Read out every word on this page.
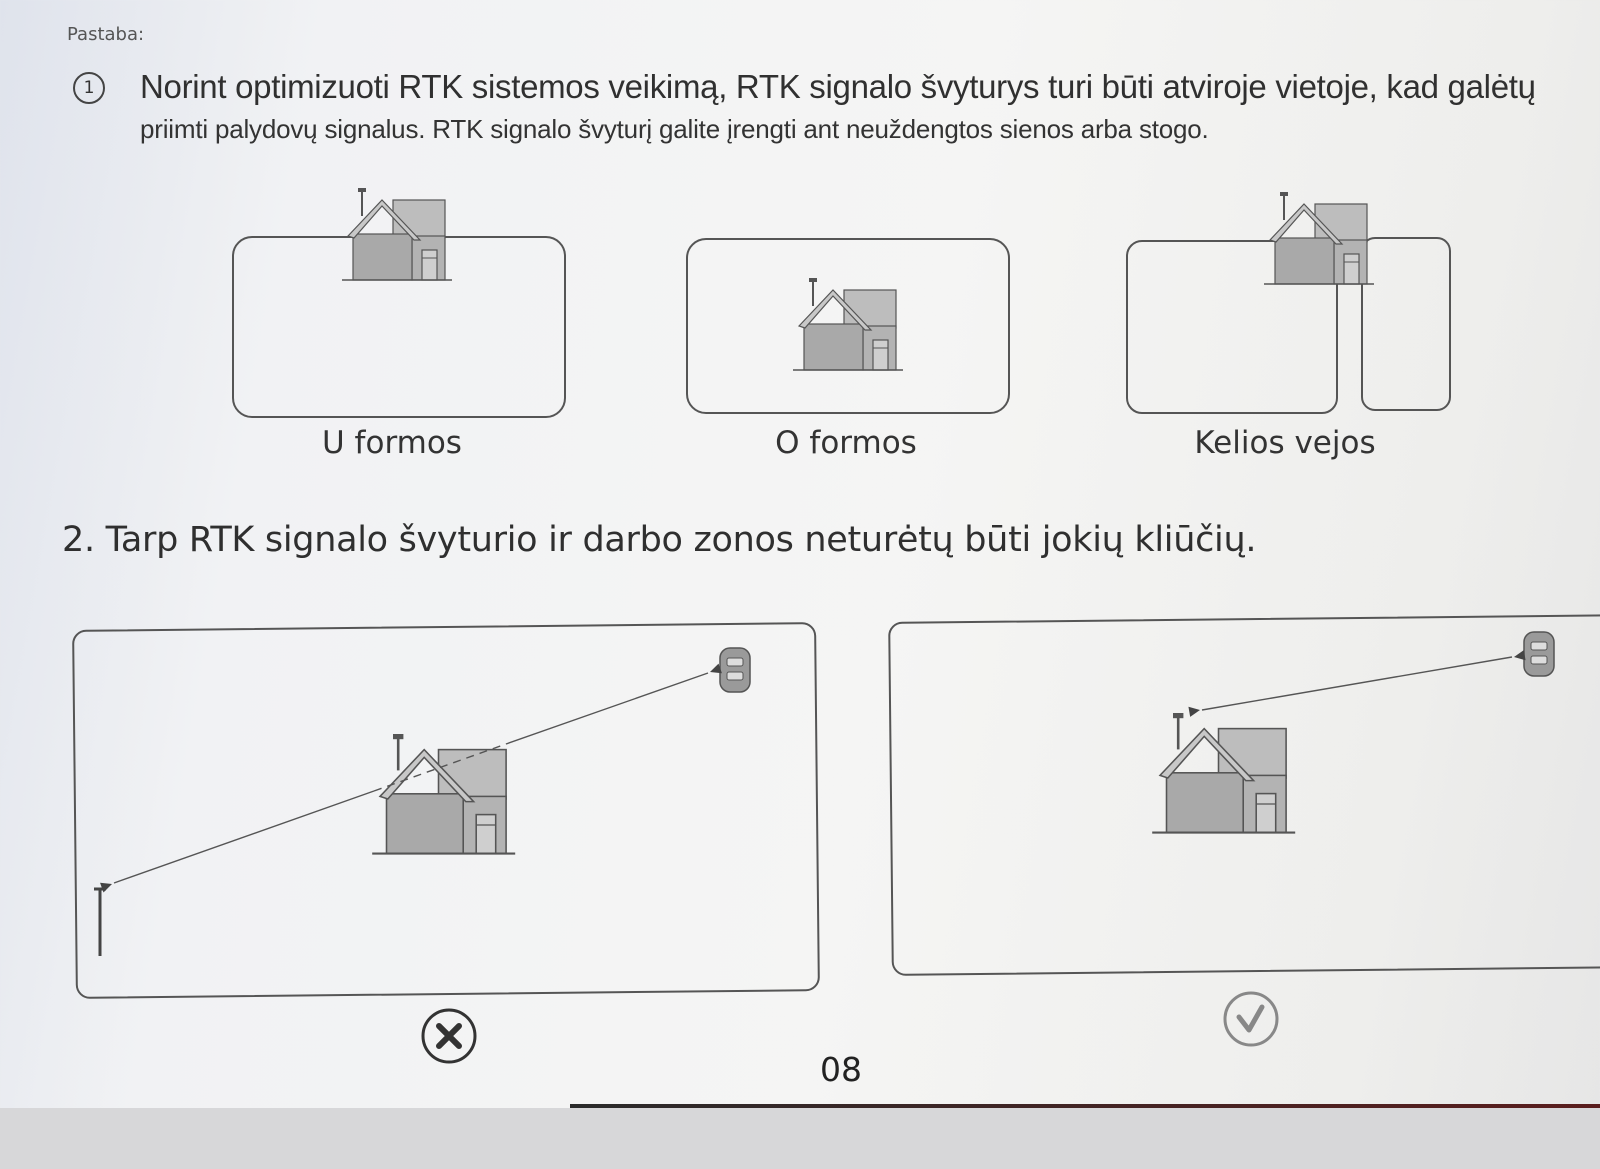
Pastaba:
1	Norint optimizuoti RTK sistemos veikimą, RTK signalo švyturys turi būti atviroje vietoje, kad galėtų
priimti palydovų signalus. RTK signalo švyturį galite įrengti ant neuždengtos sienos arba stogo.
U formos	O formos	Kelios vejos
2. Tarp RTK signalo švyturio ir darbo zonos neturėtų būti jokių kliūčių.
08
